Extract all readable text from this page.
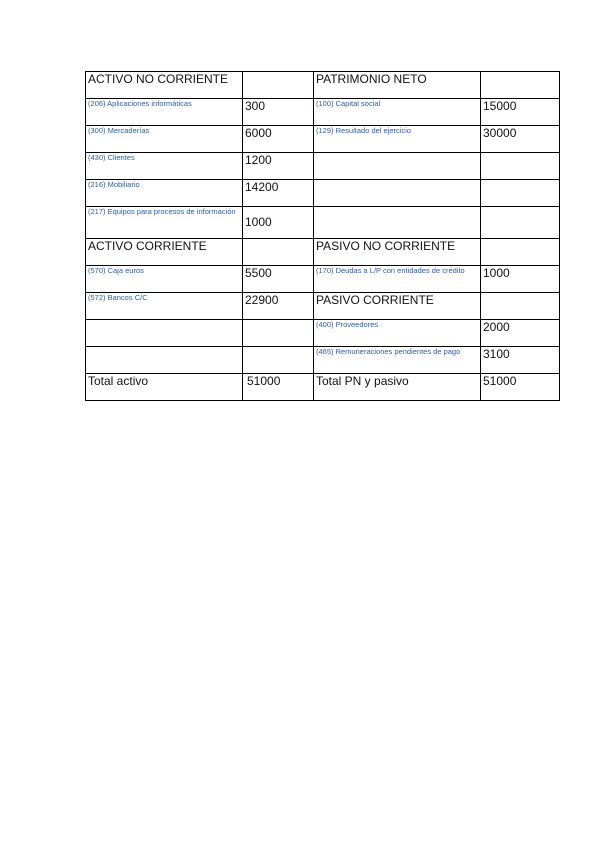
ACTIVO NO CORRIENTE		PATRIMONIO NETO	
(206) Aplicaciones informáticas	300	(100) Capital social	15000
(300) Mercaderías	6000	(129) Resultado del ejercicio	30000
(430) Clientes	1200		
(216) Mobiliario	14200		
(217) Equipos para procesos de información	1000		
ACTIVO CORRIENTE		PASIVO NO CORRIENTE	
(570) Caja euros	5500	(170) Deudas a L/P con entidades de crédito	1000
(572) Bancos C/C	22900	PASIVO CORRIENTE	
		(400) Proveedores	2000
		(465) Remuneraciones pendientes de pago	3100
Total activo	51000	Total PN y pasivo	51000
